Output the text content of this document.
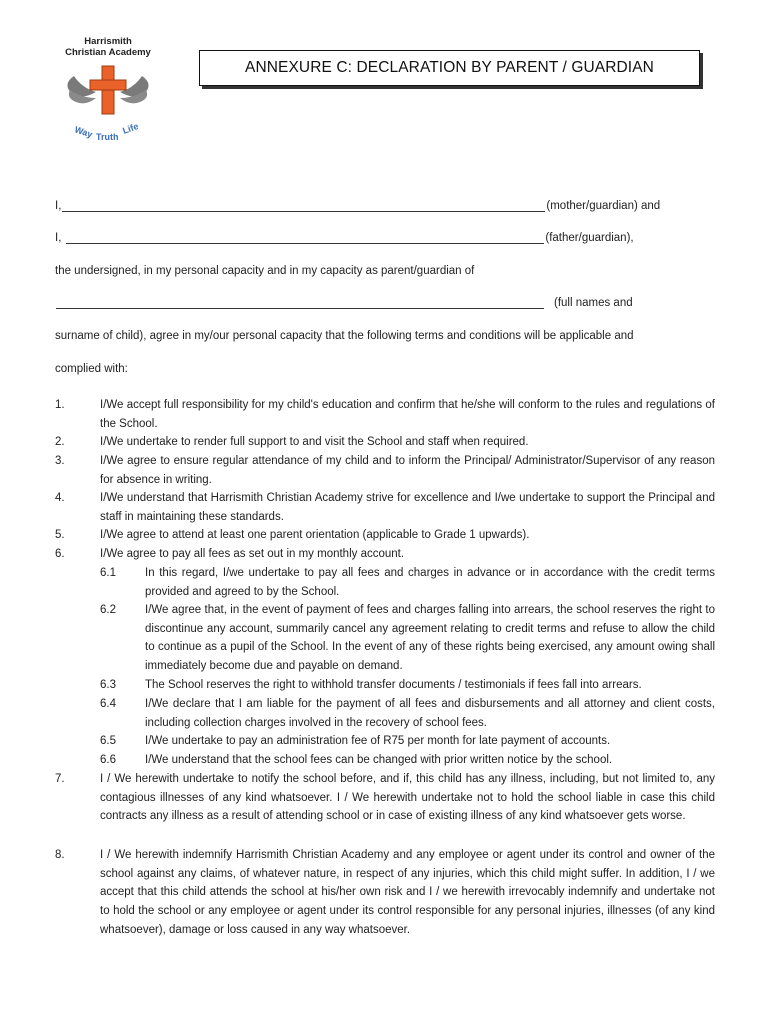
Way Truth
Life
Harrismith
Christian Academy
ANNEXURE C: DECLARATION BY PARENT / GUARDIAN
I,	(mother/guardian) and
I,	(father/guardian),
the undersigned, in my personal capacity and in my capacity as parent/guardian of
(full names and
surname of child), agree in my/our personal capacity that the following terms and conditions will be applicable and
complied with:
1.	I/We accept full responsibility for my child's education and confirm that he/she will conform to the rules and regulations of the School.
2.	I/We undertake to render full support to and visit the School and staff when required.
3.	I/We agree to ensure regular attendance of my child and to inform the Principal/ Administrator/Supervisor of any reason for absence in writing.
4.	I/We understand that Harrismith Christian Academy strive for excellence and I/we undertake to support the Principal and staff in maintaining these standards.
5.	I/We agree to attend at least one parent orientation (applicable to Grade 1 upwards).
6.	I/We agree to pay all fees as set out in my monthly account.
6.1	In this regard, I/we undertake to pay all fees and charges in advance or in accordance with the credit terms provided and agreed to by the School.
6.2	I/We agree that, in the event of payment of fees and charges falling into arrears, the school reserves the right to discontinue any account, summarily cancel any agreement relating to credit terms and refuse to allow the child to continue as a pupil of the School. In the event of any of these rights being exercised, any amount owing shall immediately become due and payable on demand.
6.3	The School reserves the right to withhold transfer documents / testimonials if fees fall into arrears.
6.4	I/We declare that I am liable for the payment of all fees and disbursements and all attorney and client costs, including collection charges involved in the recovery of school fees.
6.5	I/We undertake to pay an administration fee of R75 per month for late payment of accounts.
6.6	I/We understand that the school fees can be changed with prior written notice by the school.
7.	I / We herewith undertake to notify the school before, and if, this child has any illness, including, but not limited to, any contagious illnesses of any kind whatsoever. I / We herewith undertake not to hold the school liable in case this child contracts any illness as a result of attending school or in case of existing illness of any kind whatsoever gets worse.
8.	I / We herewith indemnify Harrismith Christian Academy and any employee or agent under its control and owner of the school against any claims, of whatever nature, in respect of any injuries, which this child might suffer. In addition, I / we accept that this child attends the school at his/her own risk and I / we herewith irrevocably indemnify and undertake not to hold the school or any employee or agent under its control responsible for any personal injuries, illnesses (of any kind whatsoever), damage or loss caused in any way whatsoever.
